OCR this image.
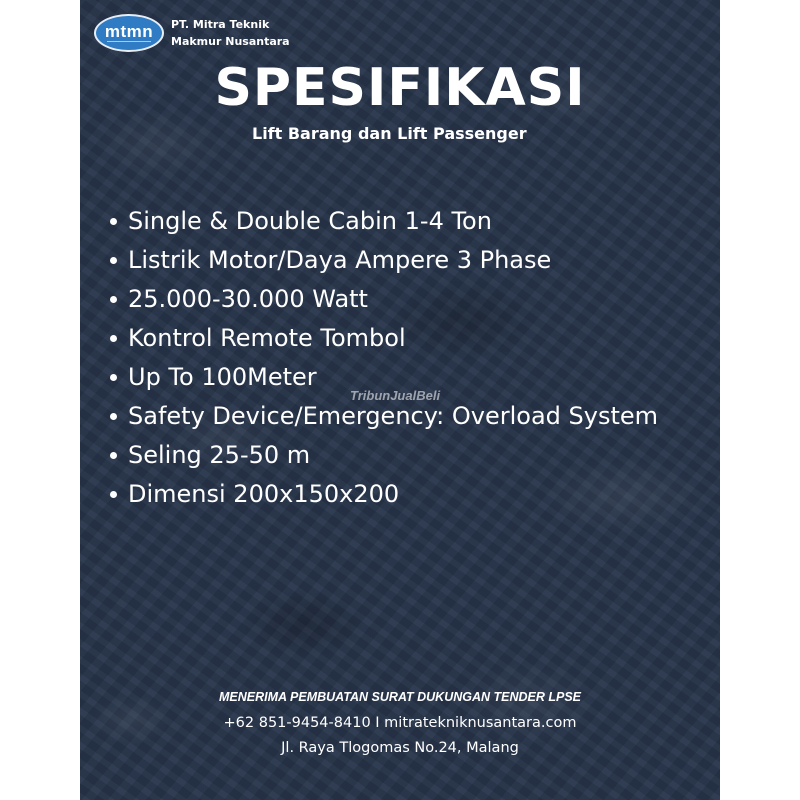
mtmn PT. Mitra Teknik
Makmur Nusantara
SPESIFIKASI
Lift Barang dan Lift Passenger
Single & Double Cabin 1-4 Ton
Listrik Motor/Daya Ampere 3 Phase
25.000-30.000 Watt
Kontrol Remote Tombol
Up To 100Meter
Safety Device/Emergency: Overload System
Seling 25-50 m
Dimensi 200x150x200
TribunJualBeli
MENERIMA PEMBUATAN SURAT DUKUNGAN TENDER LPSE
+62 851-9454-8410 I mitratekniknusantara.com
Jl. Raya Tlogomas No.24, Malang
